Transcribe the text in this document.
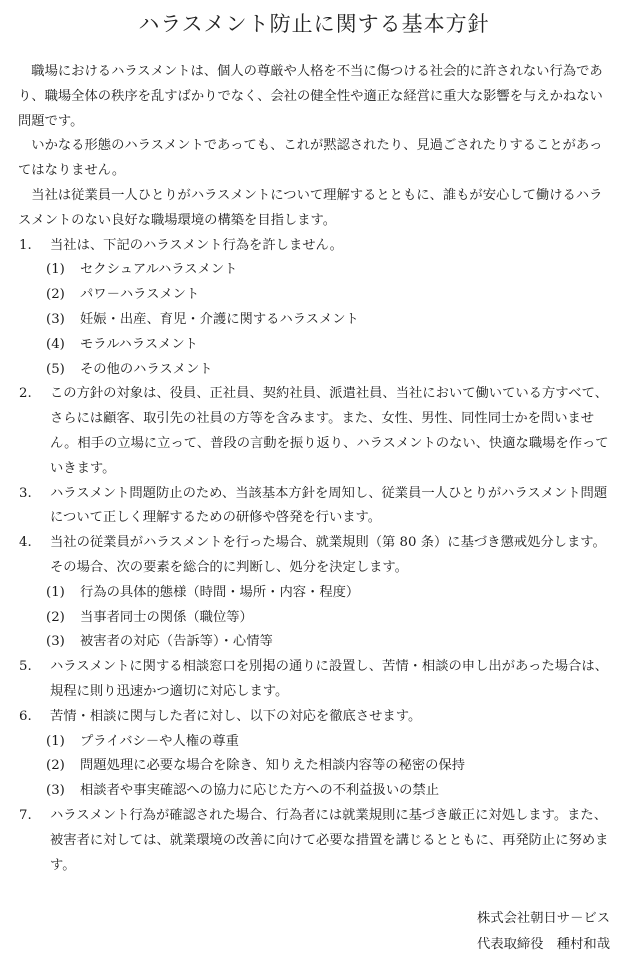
ハラスメント防止に関する基本方針

職場におけるハラスメントは、個人の尊厳や人格を不当に傷つける社会的に許されない行為であり、職場全体の秩序を乱すばかりでなく、会社の健全性や適正な経営に重大な影響を与えかねない問題です。

いかなる形態のハラスメントであっても、これが黙認されたり、見過ごされたりすることがあってはなりません。

当社は従業員一人ひとりがハラスメントについて理解するとともに、誰もが安心して働けるハラスメントのない良好な職場環境の構築を目指します。

1.	当社は、下記のハラスメント行為を許しません。
(1)	セクシュアルハラスメント
(2)	パワ－ハラスメント
(3)	妊娠・出産、育児・介護に関するハラスメント
(4)	モラルハラスメント
(5)	その他のハラスメント
2.	この方針の対象は、役員、正社員、契約社員、派遣社員、当社において働いている方すべて、さらには顧客、取引先の社員の方等を含みます。また、女性、男性、同性同士かを問いません。相手の立場に立って、普段の言動を振り返り、ハラスメントのない、快適な職場を作っていきます。
3.	ハラスメント問題防止のため、当該基本方針を周知し、従業員一人ひとりがハラスメント問題について正しく理解するための研修や啓発を行います。
4.	当社の従業員がハラスメントを行った場合、就業規則（第 80 条）に基づき懲戒処分します。その場合、次の要素を総合的に判断し、処分を決定します。
(1)	行為の具体的態様（時間・場所・内容・程度）
(2)	当事者同士の関係（職位等）
(3)	被害者の対応（告訴等）・心情等
5.	ハラスメントに関する相談窓口を別掲の通りに設置し、苦情・相談の申し出があった場合は、規程に則り迅速かつ適切に対応します。
6.	苦情・相談に関与した者に対し、以下の対応を徹底させます。
(1)	プライバシ－や人権の尊重
(2)	問題処理に必要な場合を除き、知りえた相談内容等の秘密の保持
(3)	相談者や事実確認への協力に応じた方への不利益扱いの禁止
7.	ハラスメント行為が確認された場合、行為者には就業規則に基づき厳正に対処します。また、被害者に対しては、就業環境の改善に向けて必要な措置を講じるとともに、再発防止に努めます。
株式会社朝日サ－ビス
代表取締役　種村和哉
